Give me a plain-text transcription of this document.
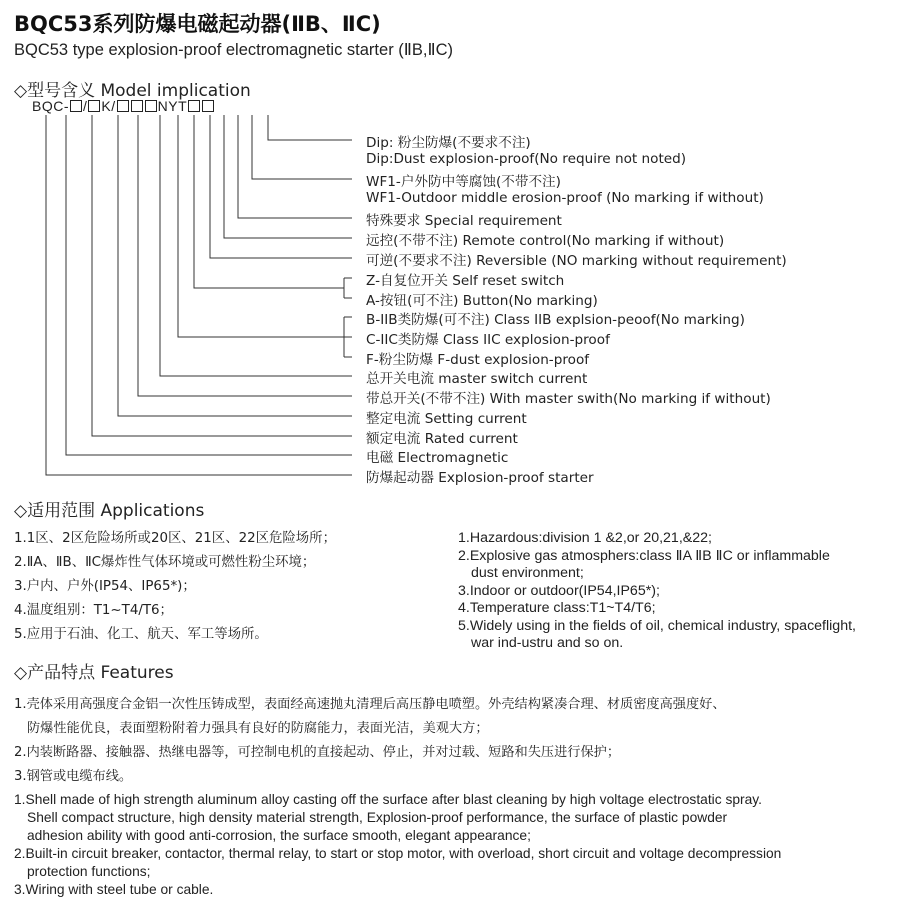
BQC53系列防爆电磁起动器(ⅡB、ⅡC)
BQC53 type explosion-proof electromagnetic starter (ⅡB,ⅡC)
◇型号含义 Model implication
BQC- / K/	NYT
Dip: 粉尘防爆(不要求不注)
Dip:Dust explosion-proof(No require not noted)
WF1-户外防中等腐蚀(不带不注)
WF1-Outdoor middle erosion-proof (No marking if without)
特殊要求 Special requirement
远控(不带不注) Remote control(No marking if without)
可逆(不要求不注) Reversible (NO marking without requirement)
Z-自复位开关 Self reset switch
A-按钮(可不注) Button(No marking)
B-IIB类防爆(可不注) Class IIB explsion-peoof(No marking)
C-IIC类防爆 Class IIC explosion-proof
F-粉尘防爆 F-dust explosion-proof
总开关电流 master switch current
带总开关(不带不注) With master swith(No marking if without)
整定电流 Setting current
额定电流 Rated current
电磁 Electromagnetic
防爆起动器 Explosion-proof starter
◇适用范围 Applications
1.1区、2区危险场所或20区、21区、22区危险场所；
2.ⅡA、ⅡB、ⅡC爆炸性气体环境或可燃性粉尘环境；
3.户内、户外(IP54、IP65*)；
4.温度组别：T1~T4/T6；
5.应用于石油、化工、航天、军工等场所。
1.Hazardous:division 1 &2,or 20,21,&22;
2.Explosive gas atmosphers:class ⅡA ⅡB ⅡC or inflammable
dust environment;
3.Indoor or outdoor(IP54,IP65*);
4.Temperature class:T1~T4/T6;
5.Widely using in the fields of oil, chemical industry, spaceflight,
war ind-ustru and so on.
◇产品特点 Features
1.壳体采用高强度合金铝一次性压铸成型，表面经高速抛丸清理后高压静电喷塑。外壳结构紧凑合理、材质密度高强度好、
防爆性能优良，表面塑粉附着力强具有良好的防腐能力，表面光洁，美观大方；
2.内装断路器、接触器、热继电器等，可控制电机的直接起动、停止，并对过载、短路和失压进行保护；
3.钢管或电缆布线。
1.Shell made of high strength aluminum alloy casting off the surface after blast cleaning by high voltage electrostatic spray.
Shell compact structure, high density material strength, Explosion-proof performance, the surface of plastic powder
adhesion ability with good anti-corrosion, the surface smooth, elegant appearance;
2.Built-in circuit breaker, contactor, thermal relay, to start or stop motor, with overload, short circuit and voltage decompression
protection functions;
3.Wiring with steel tube or cable.
